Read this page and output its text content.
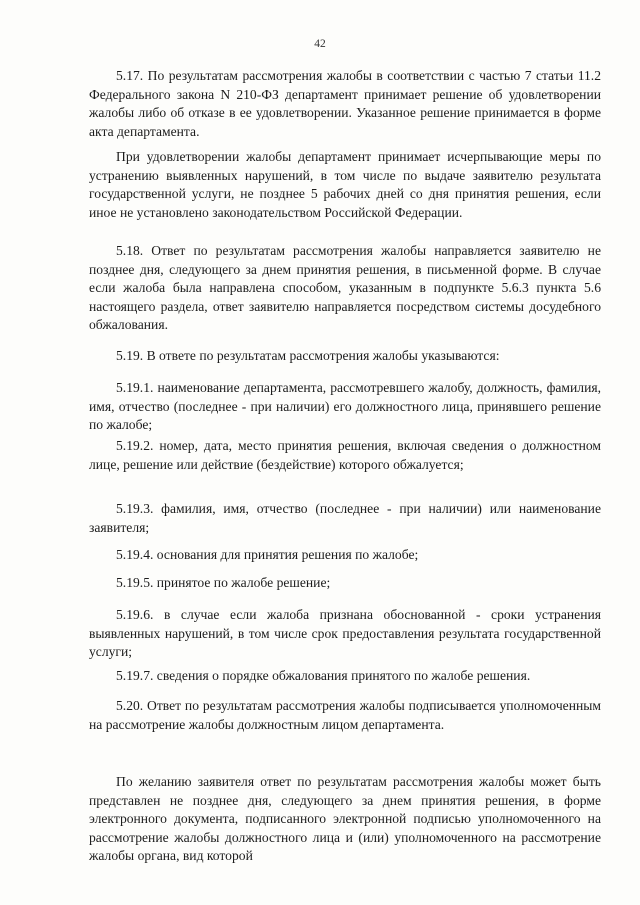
42

5.17. По результатам рассмотрения жалобы в соответствии с частью 7 статьи 11.2 Федерального закона N 210-ФЗ департамент принимает решение об удовлетворении жалобы либо об отказе в ее удовлетворении. Указанное решение принимается в форме акта департамента.

При удовлетворении жалобы департамент принимает исчерпывающие меры по устранению выявленных нарушений, в том числе по выдаче заявителю результата государственной услуги, не позднее 5 рабочих дней со дня принятия решения, если иное не установлено законодательством Российской Федерации.

5.18. Ответ по результатам рассмотрения жалобы направляется заявителю не позднее дня, следующего за днем принятия решения, в письменной форме. В случае если жалоба была направлена способом, указанным в подпункте 5.6.3 пункта 5.6 настоящего раздела, ответ заявителю направляется посредством системы досудебного обжалования.

5.19. В ответе по результатам рассмотрения жалобы указываются:

5.19.1. наименование департамента, рассмотревшего жалобу, должность, фамилия, имя, отчество (последнее - при наличии) его должностного лица, принявшего решение по жалобе;

5.19.2. номер, дата, место принятия решения, включая сведения о должностном лице, решение или действие (бездействие) которого обжалуется;

5.19.3. фамилия, имя, отчество (последнее - при наличии) или наименование заявителя;

5.19.4. основания для принятия решения по жалобе;

5.19.5. принятое по жалобе решение;

5.19.6. в случае если жалоба признана обоснованной - сроки устранения выявленных нарушений, в том числе срок предоставления результата государственной услуги;

5.19.7. сведения о порядке обжалования принятого по жалобе решения.

5.20. Ответ по результатам рассмотрения жалобы подписывается уполномоченным на рассмотрение жалобы должностным лицом департамента.

По желанию заявителя ответ по результатам рассмотрения жалобы может быть представлен не позднее дня, следующего за днем принятия решения, в форме электронного документа, подписанного электронной подписью уполномоченного на рассмотрение жалобы должностного лица и (или) уполномоченного на рассмотрение жалобы органа, вид которой
